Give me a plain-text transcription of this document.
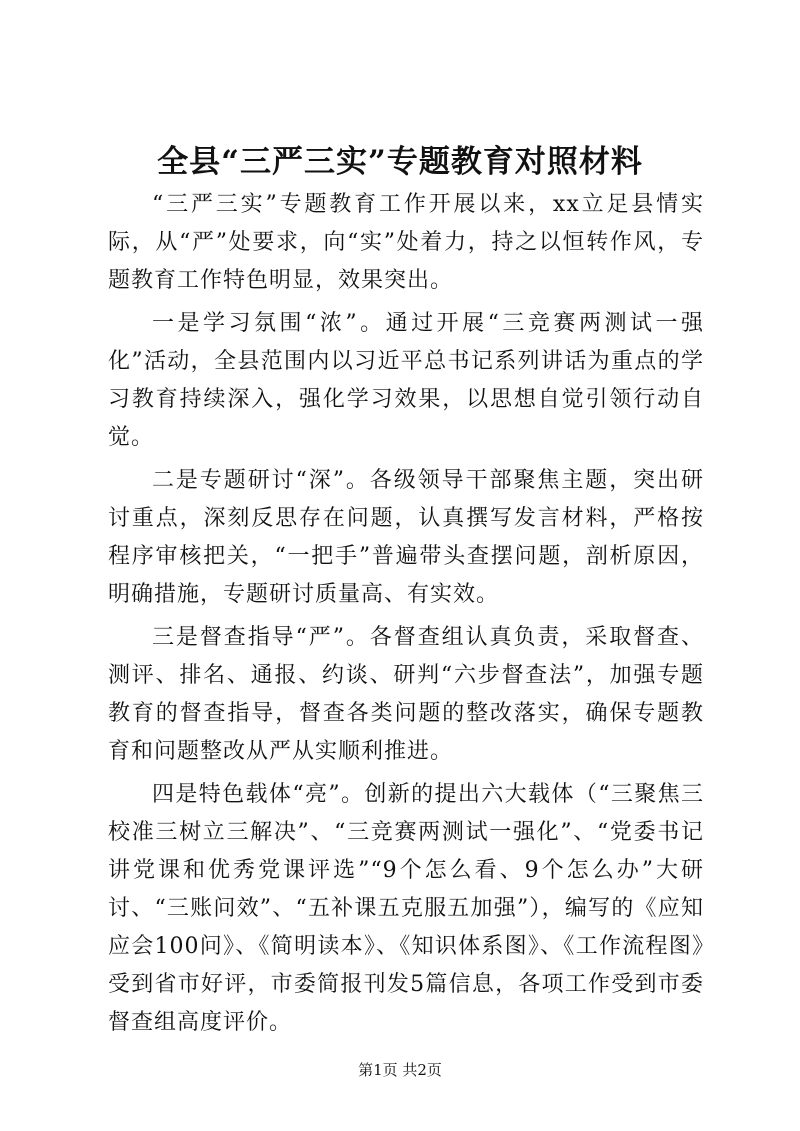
全县“三严三实”专题教育对照材料

“三严三实”专题教育工作开展以来，xx立足县情实际，从“严”处要求，向“实”处着力，持之以恒转作风，专题教育工作特色明显，效果突出。

一是学习氛围“浓”。通过开展“三竞赛两测试一强化”活动，全县范围内以习近平总书记系列讲话为重点的学习教育持续深入，强化学习效果，以思想自觉引领行动自觉。

二是专题研讨“深”。各级领导干部聚焦主题，突出研讨重点，深刻反思存在问题，认真撰写发言材料，严格按程序审核把关，“一把手”普遍带头查摆问题，剖析原因，明确措施，专题研讨质量高、有实效。

三是督查指导“严”。各督查组认真负责，采取督查、测评、排名、通报、约谈、研判“六步督查法”，加强专题教育的督查指导，督查各类问题的整改落实，确保专题教育和问题整改从严从实顺利推进。

四是特色载体“亮”。创新的提出六大载体（“三聚焦三校准三树立三解决”、“三竞赛两测试一强化”、“党委书记讲党课和优秀党课评选”“9个怎么看、9个怎么办”大研讨、“三账问效”、“五补课五克服五加强”），编写的《应知应会100问》、《简明读本》、《知识体系图》、《工作流程图》受到省市好评，市委简报刊发5篇信息，各项工作受到市委督查组高度评价。

第1页 共2页
